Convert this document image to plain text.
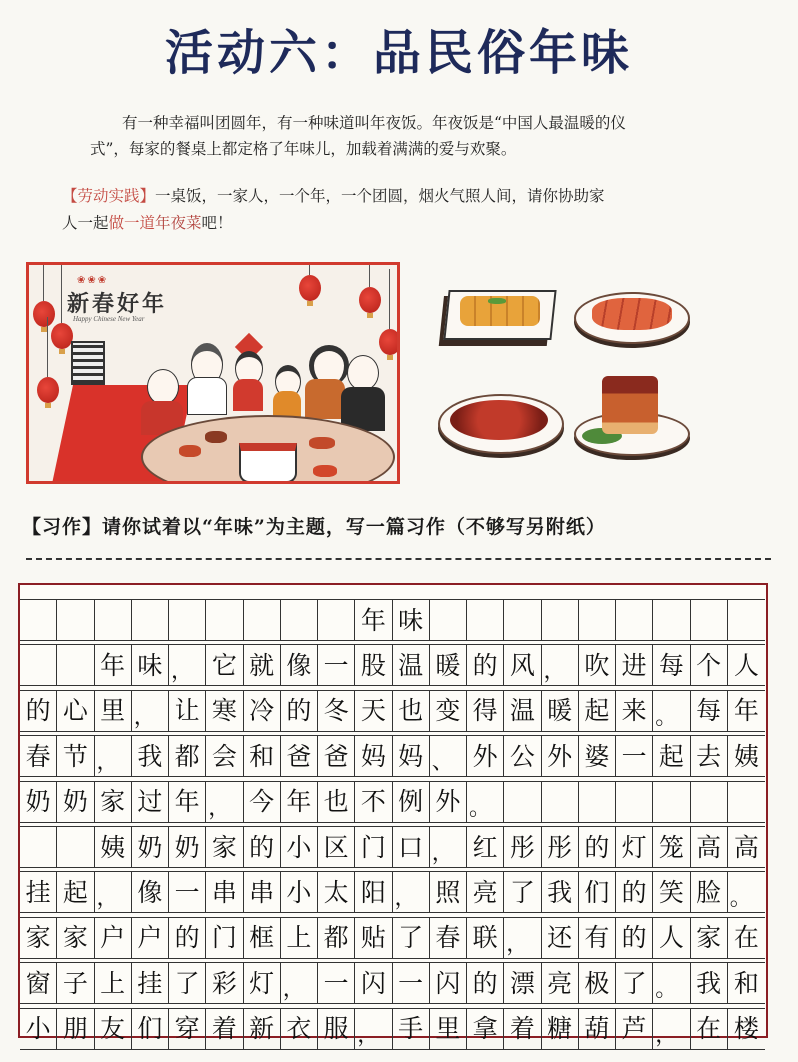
活动六：品民俗年味
有一种幸福叫团圆年，有一种味道叫年夜饭。年夜饭是“中国人最温暖的仪
式”，每家的餐桌上都定格了年味儿，加载着满满的爱与欢聚。
【劳动实践】一桌饭，一家人，一个年，一个团圆，烟火气照人间，请你协助家
人一起做一道年夜菜吧！
❀❀❀
新春好年
Happy Chinese New Year
【习作】请你试着以“年味”为主题，写一篇习作（不够写另附纸）
年 味
年 味 ， 它 就 像 一 股 温 暖 的 风 ， 吹 进 每 个 人
的 心 里 ， 让 寒 冷 的 冬 天 也 变 得 温 暖 起 来 。 每 年
春 节 ， 我 都 会 和 爸 爸 妈 妈 、 外 公 外 婆 一 起 去 姨
奶 奶 家 过 年 ， 今 年 也 不 例 外 。
姨 奶 奶 家 的 小 区 门 口 ， 红 彤 彤 的 灯 笼 高 高
挂 起 ， 像 一 串 串 小 太 阳 ， 照 亮 了 我 们 的 笑 脸 。
家 家 户 户 的 门 框 上 都 贴 了 春 联 ， 还 有 的 人 家 在
窗 子 上 挂 了 彩 灯 ， 一 闪 一 闪 的 漂 亮 极 了 。 我 和
小 朋 友 们 穿 着 新 衣 服 ， 手 里 拿 着 糖 葫 芦 ， 在 楼
